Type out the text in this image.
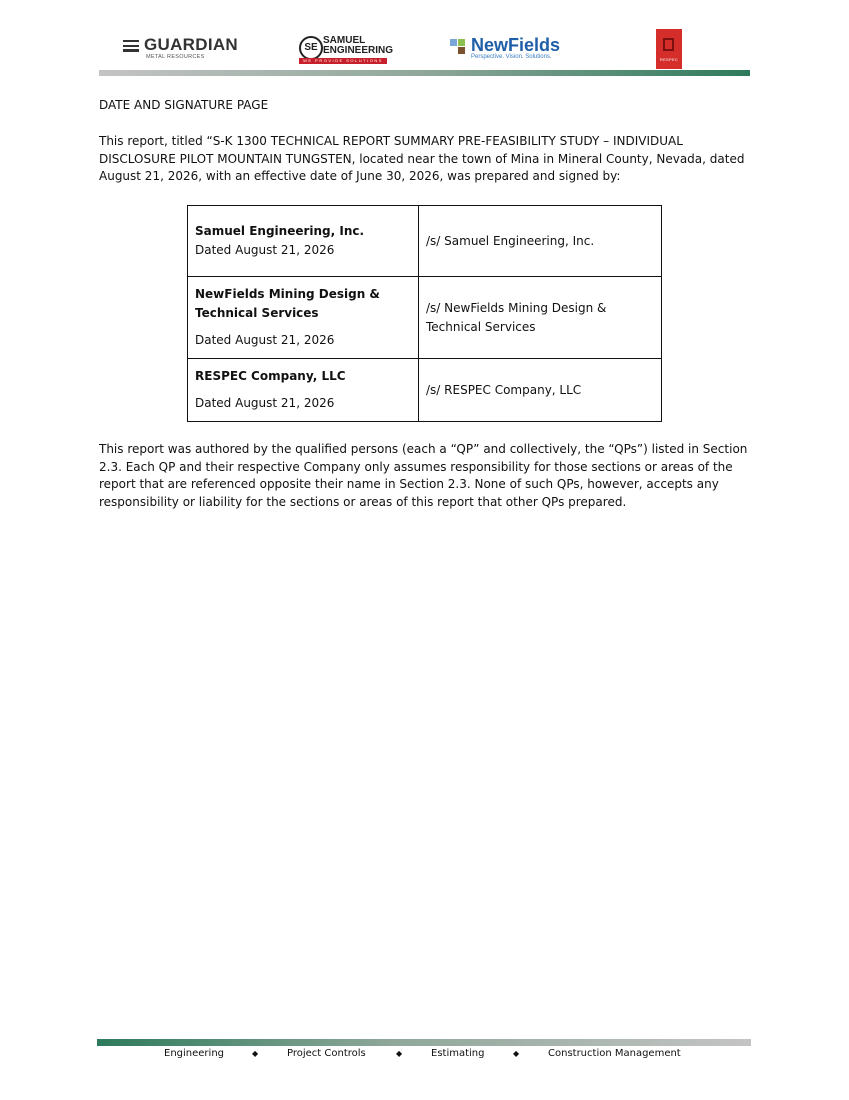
GUARDIAN
METAL RESOURCES
SE
SAMUEL
ENGINEERING
WE PROVIDE SOLUTIONS
NewFields
Perspective. Vision. Solutions.	RESPEC
DATE AND SIGNATURE PAGE
This report, titled “S-K 1300 TECHNICAL REPORT SUMMARY PRE-FEASIBILITY STUDY – INDIVIDUAL DISCLOSURE PILOT MOUNTAIN TUNGSTEN, located near the town of Mina in Mineral County, Nevada, dated August 21, 2026, with an effective date of June 30, 2026, was prepared and signed by:
Samuel Engineering, Inc.
Dated August 21, 2026	/s/ Samuel Engineering, Inc.

NewFields Mining Design & Technical Services
Dated August 21, 2026	/s/ NewFields Mining Design & Technical Services

RESPEC Company, LLC
Dated August 21, 2026	/s/ RESPEC Company, LLC
This report was authored by the qualified persons (each a “QP” and collectively, the “QPs”) listed in Section 2.3. Each QP and their respective Company only assumes responsibility for those sections or areas of the report that are referenced opposite their name in Section 2.3. None of such QPs, however, accepts any responsibility or liability for the sections or areas of this report that other QPs prepared.
Engineering	◆	Project Controls	◆	Estimating	◆	Construction Management
